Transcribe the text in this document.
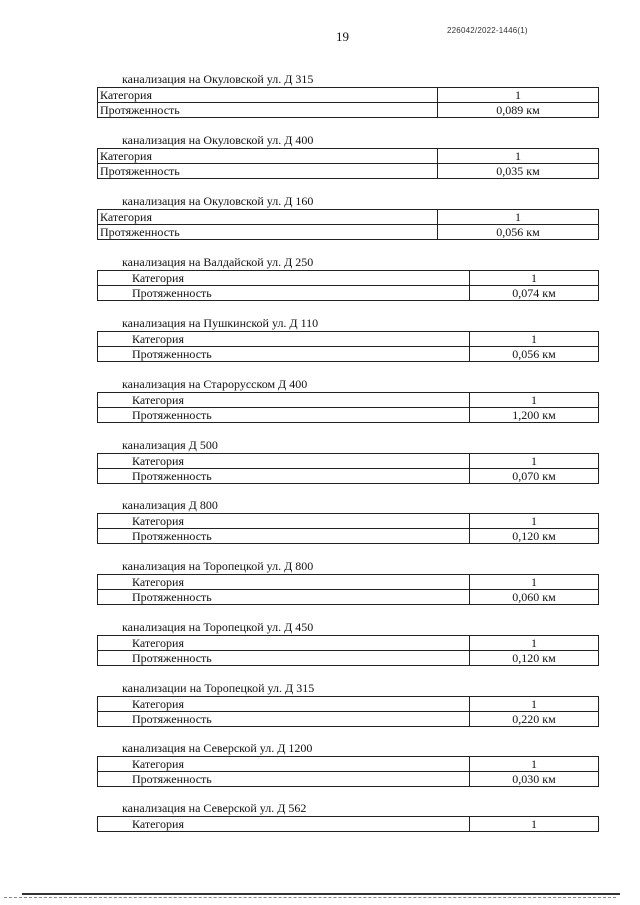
19	226042/2022-1446(1)
канализация на Окуловской ул. Д 315
Категория	1
Протяженность	0,089 км
канализация на Окуловской ул. Д 400
Категория	1
Протяженность	0,035 км
канализация на Окуловской ул. Д 160
Категория	1
Протяженность	0,056 км
канализация на Валдайской ул. Д 250
Категория	1
Протяженность	0,074 км
канализация на Пушкинской ул. Д 110
Категория	1
Протяженность	0,056 км
канализация на Старорусском Д 400
Категория	1
Протяженность	1,200 км
канализация Д 500
Категория	1
Протяженность	0,070 км
канализация Д 800
Категория	1
Протяженность	0,120 км
канализация на Торопецкой ул. Д 800
Категория	1
Протяженность	0,060 км
канализация на Торопецкой ул. Д 450
Категория	1
Протяженность	0,120 км
канализации на Торопецкой ул. Д 315
Категория	1
Протяженность	0,220 км
канализация на Северской ул. Д 1200
Категория	1
Протяженность	0,030 км
канализация на Северской ул. Д 562
Категория	1
